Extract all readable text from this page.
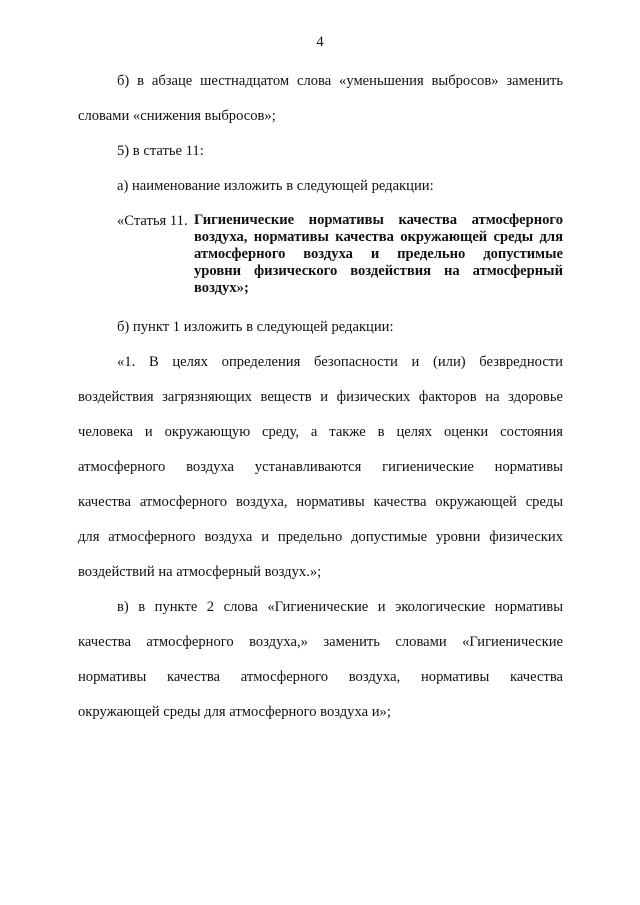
4
б) в абзаце шестнадцатом слова «уменьшения выбросов» заменить
словами «снижения выбросов»;
5) в статье 11:
а) наименование изложить в следующей редакции:
«Статья 11. Гигиенические нормативы качества атмосферного
воздуха, нормативы качества окружающей среды для
атмосферного воздуха и предельно допустимые
уровни физического воздействия на атмосферный
воздух»;
б) пункт 1 изложить в следующей редакции:
«1. В целях определения безопасности и (или) безвредности
воздействия загрязняющих веществ и физических факторов на здоровье
человека и окружающую среду, а также в целях оценки состояния
атмосферного воздуха устанавливаются гигиенические нормативы
качества атмосферного воздуха, нормативы качества окружающей среды
для атмосферного воздуха и предельно допустимые уровни физических
воздействий на атмосферный воздух.»;
в) в пункте 2 слова «Гигиенические и экологические нормативы
качества атмосферного воздуха,» заменить словами «Гигиенические
нормативы качества атмосферного воздуха, нормативы качества
окружающей среды для атмосферного воздуха и»;
